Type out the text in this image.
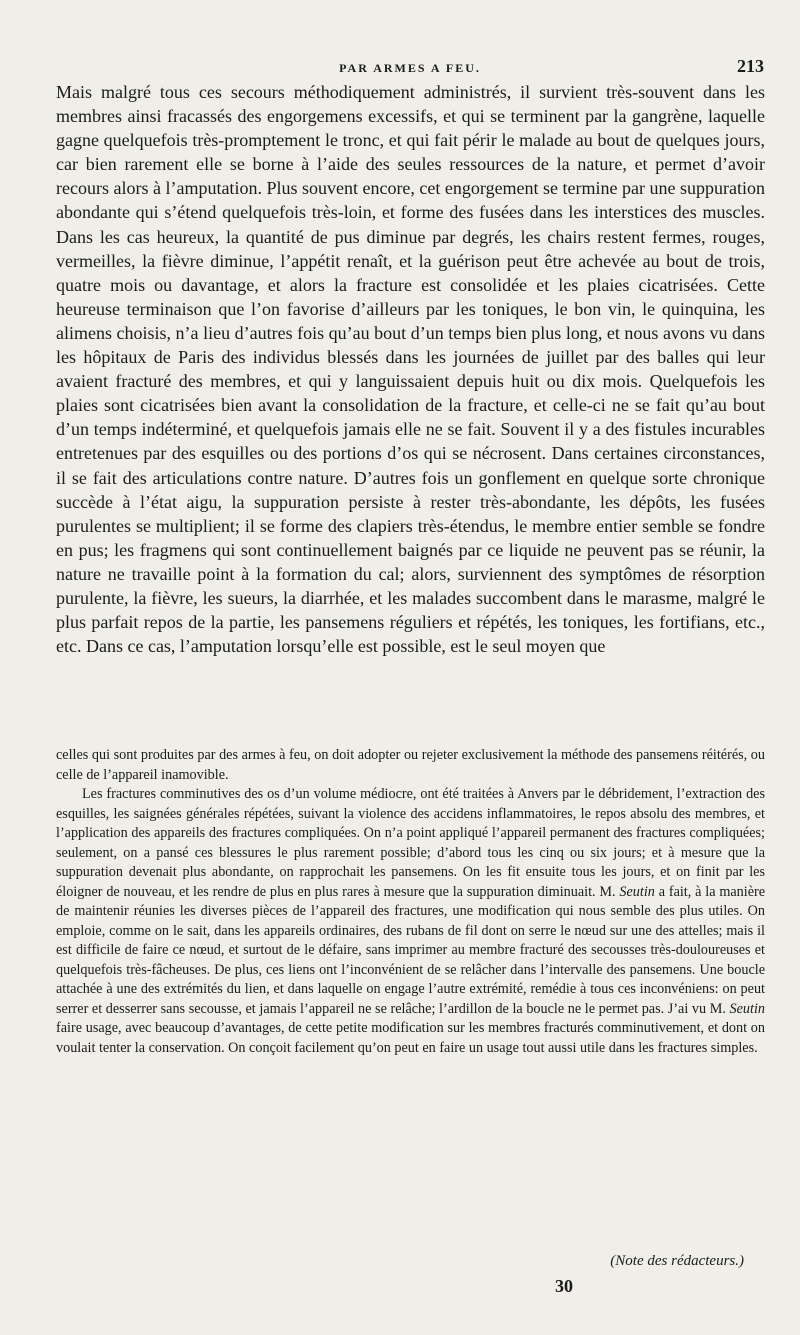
PAR ARMES A FEU.	213

Mais malgré tous ces secours méthodiquement administrés, il survient très-souvent dans les membres ainsi fracassés des engorgemens excessifs, et qui se terminent par la gangrène, laquelle gagne quelquefois très-promptement le tronc, et qui fait périr le malade au bout de quelques jours, car bien rarement elle se borne à l’aide des seules ressources de la nature, et permet d’avoir recours alors à l’amputation. Plus souvent encore, cet engorgement se termine par une suppuration abondante qui s’étend quelquefois très-loin, et forme des fusées dans les interstices des muscles. Dans les cas heureux, la quantité de pus diminue par degrés, les chairs restent fermes, rouges, vermeilles, la fièvre diminue, l’appétit renaît, et la guérison peut être achevée au bout de trois, quatre mois ou davantage, et alors la fracture est consolidée et les plaies cicatrisées. Cette heureuse terminaison que l’on favorise d’ailleurs par les toniques, le bon vin, le quinquina, les alimens choisis, n’a lieu d’autres fois qu’au bout d’un temps bien plus long, et nous avons vu dans les hôpitaux de Paris des individus blessés dans les journées de juillet par des balles qui leur avaient fracturé des membres, et qui y languissaient depuis huit ou dix mois. Quelquefois les plaies sont cicatrisées bien avant la consolidation de la fracture, et celle-ci ne se fait qu’au bout d’un temps indéterminé, et quelquefois jamais elle ne se fait. Souvent il y a des fistules incurables entretenues par des esquilles ou des portions d’os qui se nécrosent. Dans certaines circonstances, il se fait des articulations contre nature. D’autres fois un gonflement en quelque sorte chronique succède à l’état aigu, la suppuration persiste à rester très-abondante, les dépôts, les fusées purulentes se multiplient; il se forme des clapiers très-étendus, le membre entier semble se fondre en pus; les fragmens qui sont continuellement baignés par ce liquide ne peuvent pas se réunir, la nature ne travaille point à la formation du cal; alors, surviennent des symptômes de résorption purulente, la fièvre, les sueurs, la diarrhée, et les malades succombent dans le marasme, malgré le plus parfait repos de la partie, les pansemens réguliers et répétés, les toniques, les fortifians, etc., etc. Dans ce cas, l’amputation lorsqu’elle est possible, est le seul moyen que

celles qui sont produites par des armes à feu, on doit adopter ou rejeter exclusivement la méthode des pansemens réitérés, ou celle de l’appareil inamovible.

Les fractures comminutives des os d’un volume médiocre, ont été traitées à Anvers par le débridement, l’extraction des esquilles, les saignées générales répétées, suivant la violence des accidens inflammatoires, le repos absolu des membres, et l’application des appareils des fractures compliquées. On n’a point appliqué l’appareil permanent des fractures compliquées; seulement, on a pansé ces blessures le plus rarement possible; d’abord tous les cinq ou six jours; et à mesure que la suppuration devenait plus abondante, on rapprochait les pansemens. On les fit ensuite tous les jours, et on finit par les éloigner de nouveau, et les rendre de plus en plus rares à mesure que la suppuration diminuait. M. Seutin a fait, à la manière de maintenir réunies les diverses pièces de l’appareil des fractures, une modification qui nous semble des plus utiles. On emploie, comme on le sait, dans les appareils ordinaires, des rubans de fil dont on serre le nœud sur une des attelles; mais il est difficile de faire ce nœud, et surtout de le défaire, sans imprimer au membre fracturé des secousses très-douloureuses et quelquefois très-fâcheuses. De plus, ces liens ont l’inconvénient de se relâcher dans l’intervalle des pansemens. Une boucle attachée à une des extrémités du lien, et dans laquelle on engage l’autre extrémité, remédie à tous ces inconvéniens: on peut serrer et desserrer sans secousse, et jamais l’appareil ne se relâche; l’ardillon de la boucle ne le permet pas. J’ai vu M. Seutin faire usage, avec beaucoup d’avantages, de cette petite modification sur les membres fracturés comminutivement, et dont on voulait tenter la conservation. On conçoit facilement qu’on peut en faire un usage tout aussi utile dans les fractures simples.

(Note des rédacteurs.)
30
